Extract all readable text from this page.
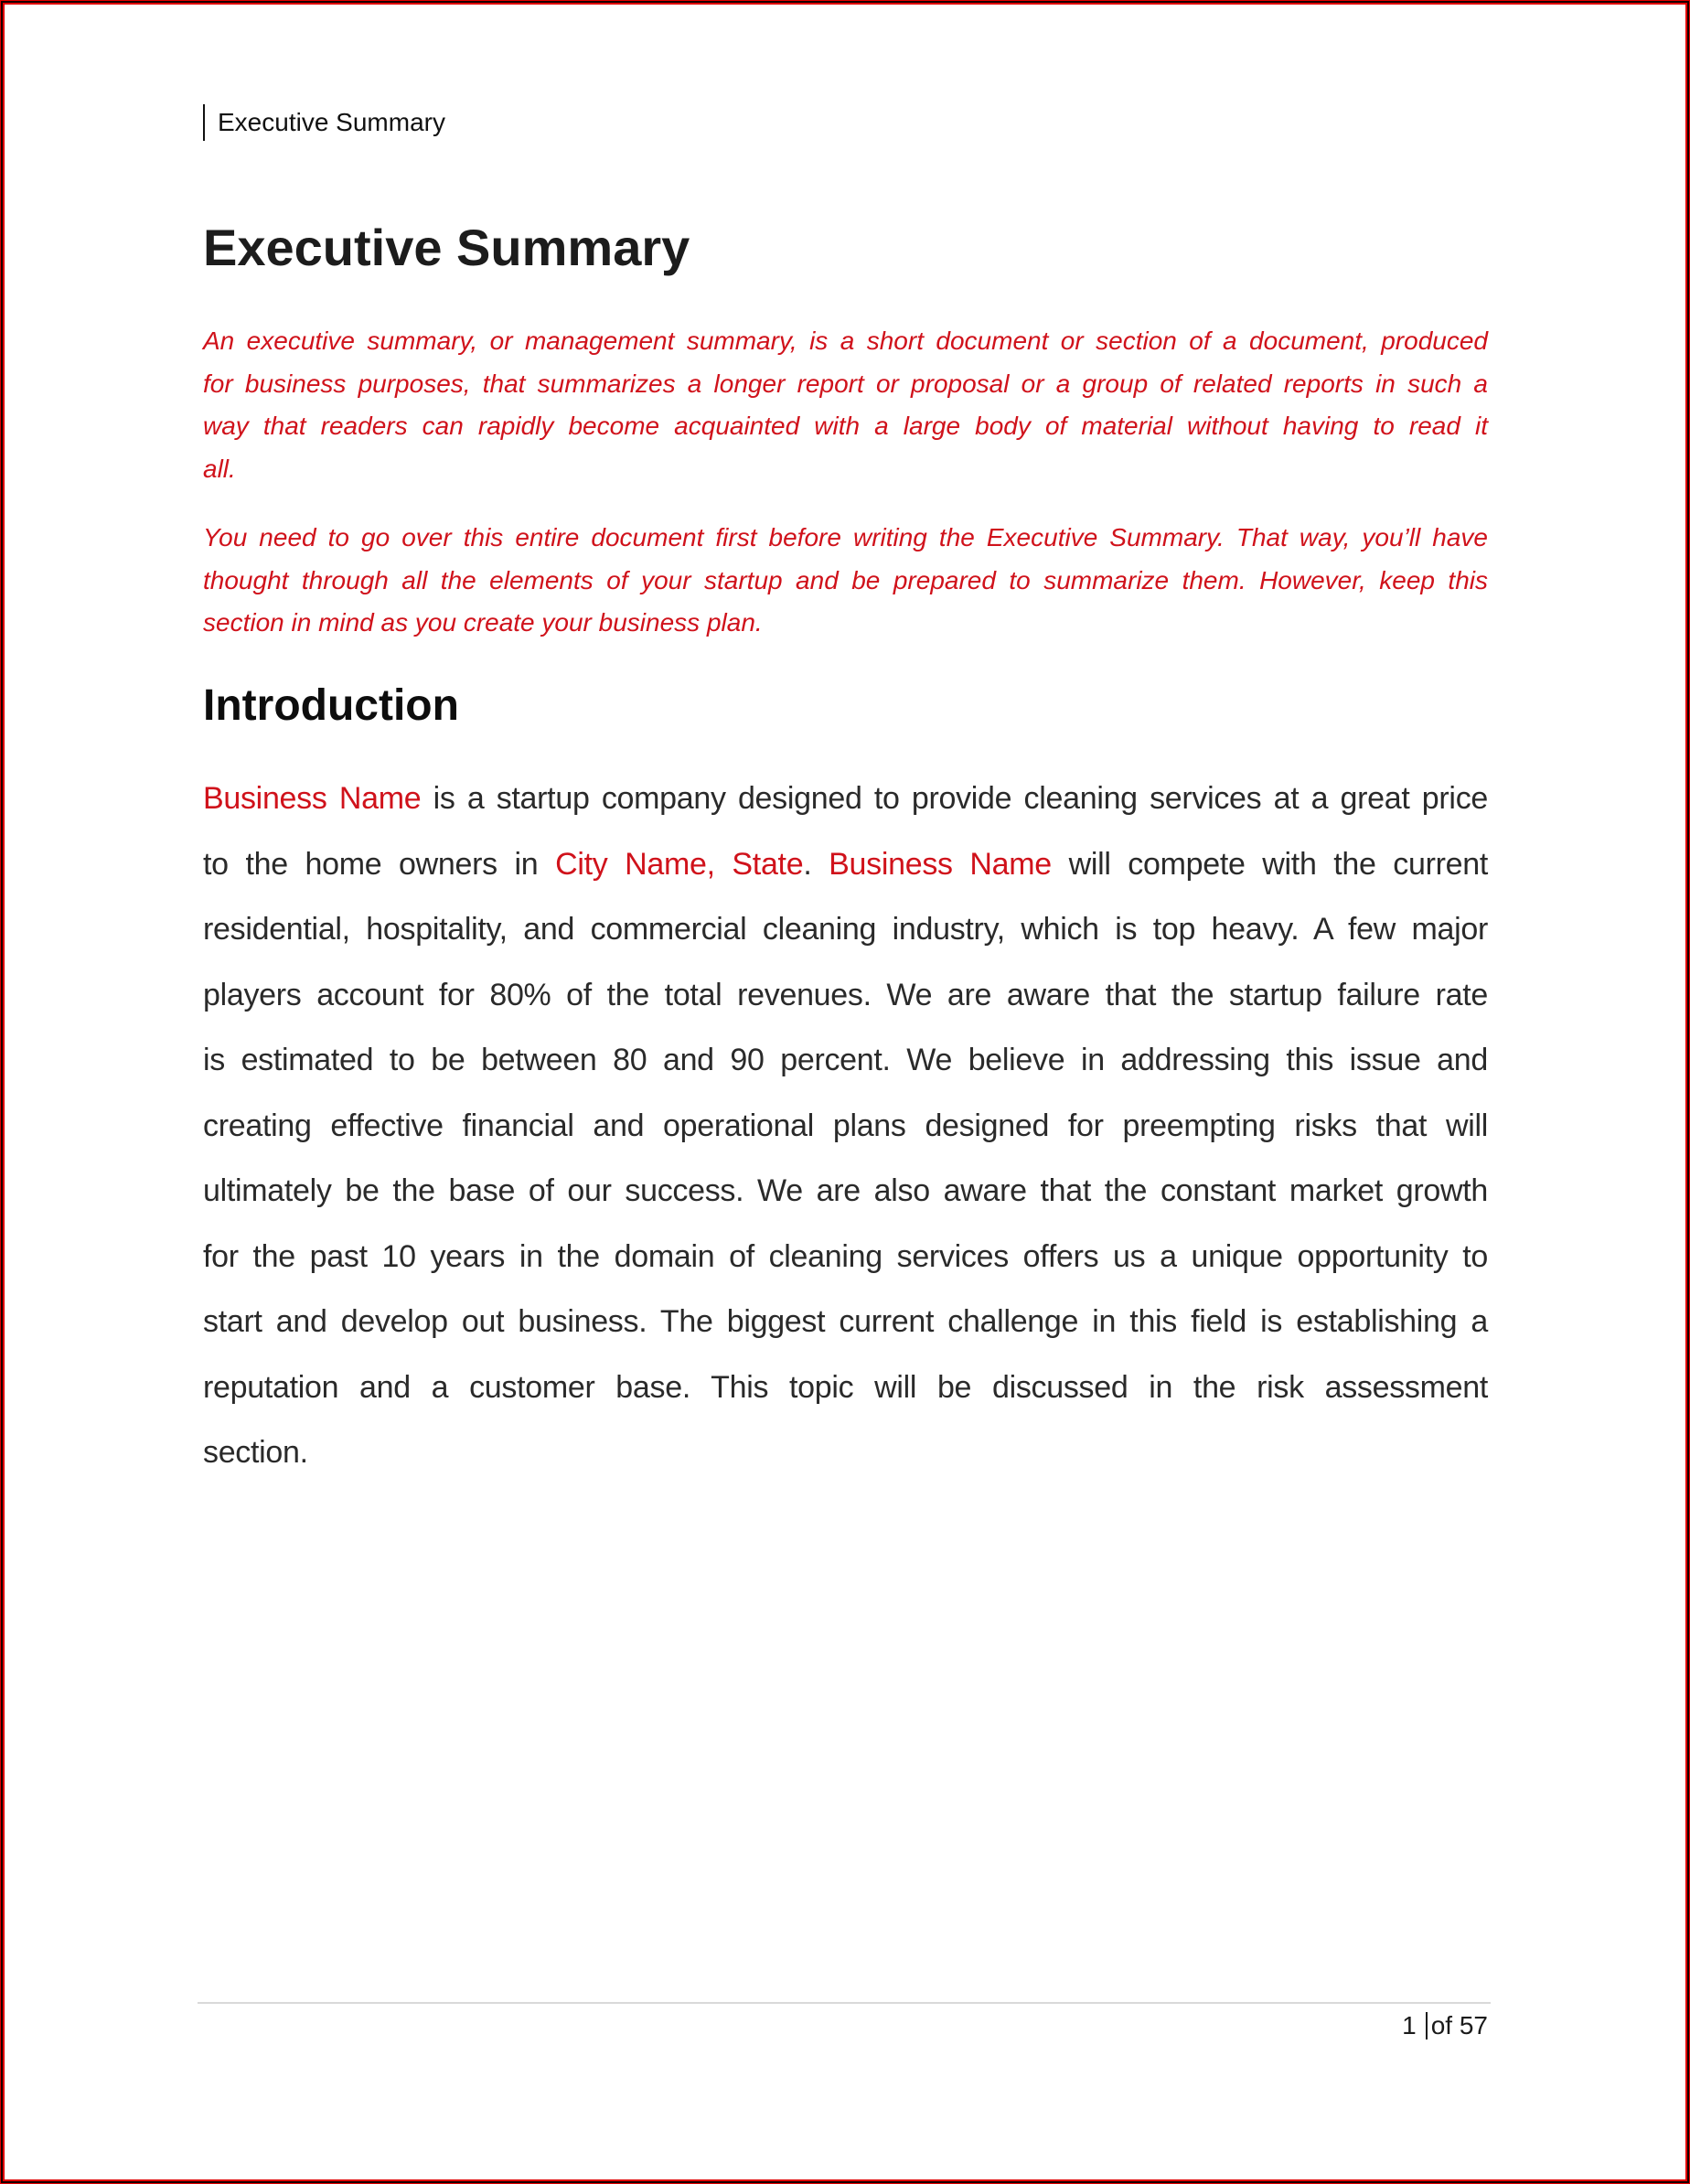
Executive Summary
Executive Summary
An executive summary, or management summary, is a short document or section of a document, produced
for business purposes, that summarizes a longer report or proposal or a group of related reports in such a
way that readers can rapidly become acquainted with a large body of material without having to read it
all.
You need to go over this entire document first before writing the Executive Summary. That way, you’ll have
thought through all the elements of your startup and be prepared to summarize them. However, keep this
section in mind as you create your business plan.
Introduction
Business Name is a startup company designed to provide cleaning services at a great price
to the home owners in City Name, State. Business Name will compete with the current
residential, hospitality, and commercial cleaning industry, which is top heavy. A few major
players account for 80% of the total revenues. We are aware that the startup failure rate
is estimated to be between 80 and 90 percent. We believe in addressing this issue and
creating effective financial and operational plans designed for preempting risks that will
ultimately be the base of our success. We are also aware that the constant market growth
for the past 10 years in the domain of cleaning services offers us a unique opportunity to
start and develop out business. The biggest current challenge in this field is establishing a
reputation and a customer base. This topic will be discussed in the risk assessment
section.
1 of 57
